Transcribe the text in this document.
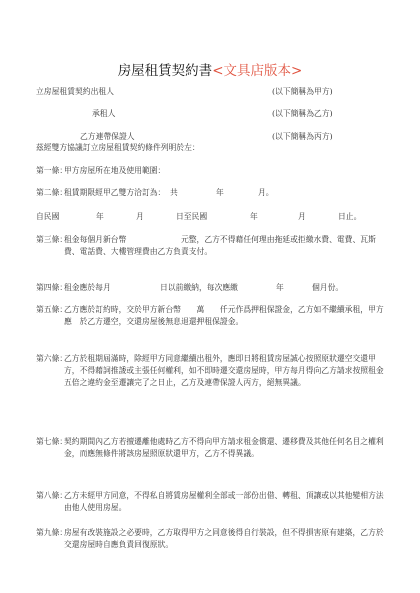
房屋租賃契約書<文具店版本>
立房屋租賃契約出租人	(以下簡稱為甲方)
承租人	(以下簡稱為乙方)
乙方連帶保證人	(以下簡稱為丙方)
茲經雙方協議訂立房屋租賃契約條件列明於左：
第一條：
甲方房屋所在地及使用範圍：
第二條：
租賃期限經甲乙雙方洽訂為： 共	年	月。
自民國	年	月	日至民國	年	月	日止。
第三條：
租金每個月新台幣　　　　　　　元整，乙方不得藉任何理由拖延或拒繳水費、電費、瓦斯費、電話費、大樓管理費由乙方負責支付。
第四條：
租金應於每月	日以前繳納，每次應繳	年	個月份。
第五條：
乙方應於訂約時，交於甲方新台幣　　萬　　仟元作爲押租保證金，乙方如不繼續承租，甲方應　於乙方遷空，交還房屋後無息退還押租保證金。
第六條：
乙方於租期屆滿時，除經甲方同意繼續出租外，應即日將租賃房屋誠心按照原狀遷空交還甲方，不得藉詞推諉或主張任何權利，如不即時遷交還房屋時，甲方每月得向乙方請求按照租金五倍之違約金至遷讓完了之日止，乙方及連帶保證人丙方，絕無異議。
第七條：
契約期間內乙方若擅遷離他處時乙方不得向甲方請求租金償還、遷移費及其他任何名目之權利金，而應無條件將該房屋照原狀還甲方，乙方不得異議。
第八條：
乙方未經甲方同意，不得私自將賃房屋權利全部或一部份出借、轉租、頂讓或以其他變相方法由他人使用房屋。
第九條：
房屋有改裝施設之必要時，乙方取得甲方之同意後得自行裝設，但不得損害原有建築，乙方於交還房屋時自應負責回復原狀。
